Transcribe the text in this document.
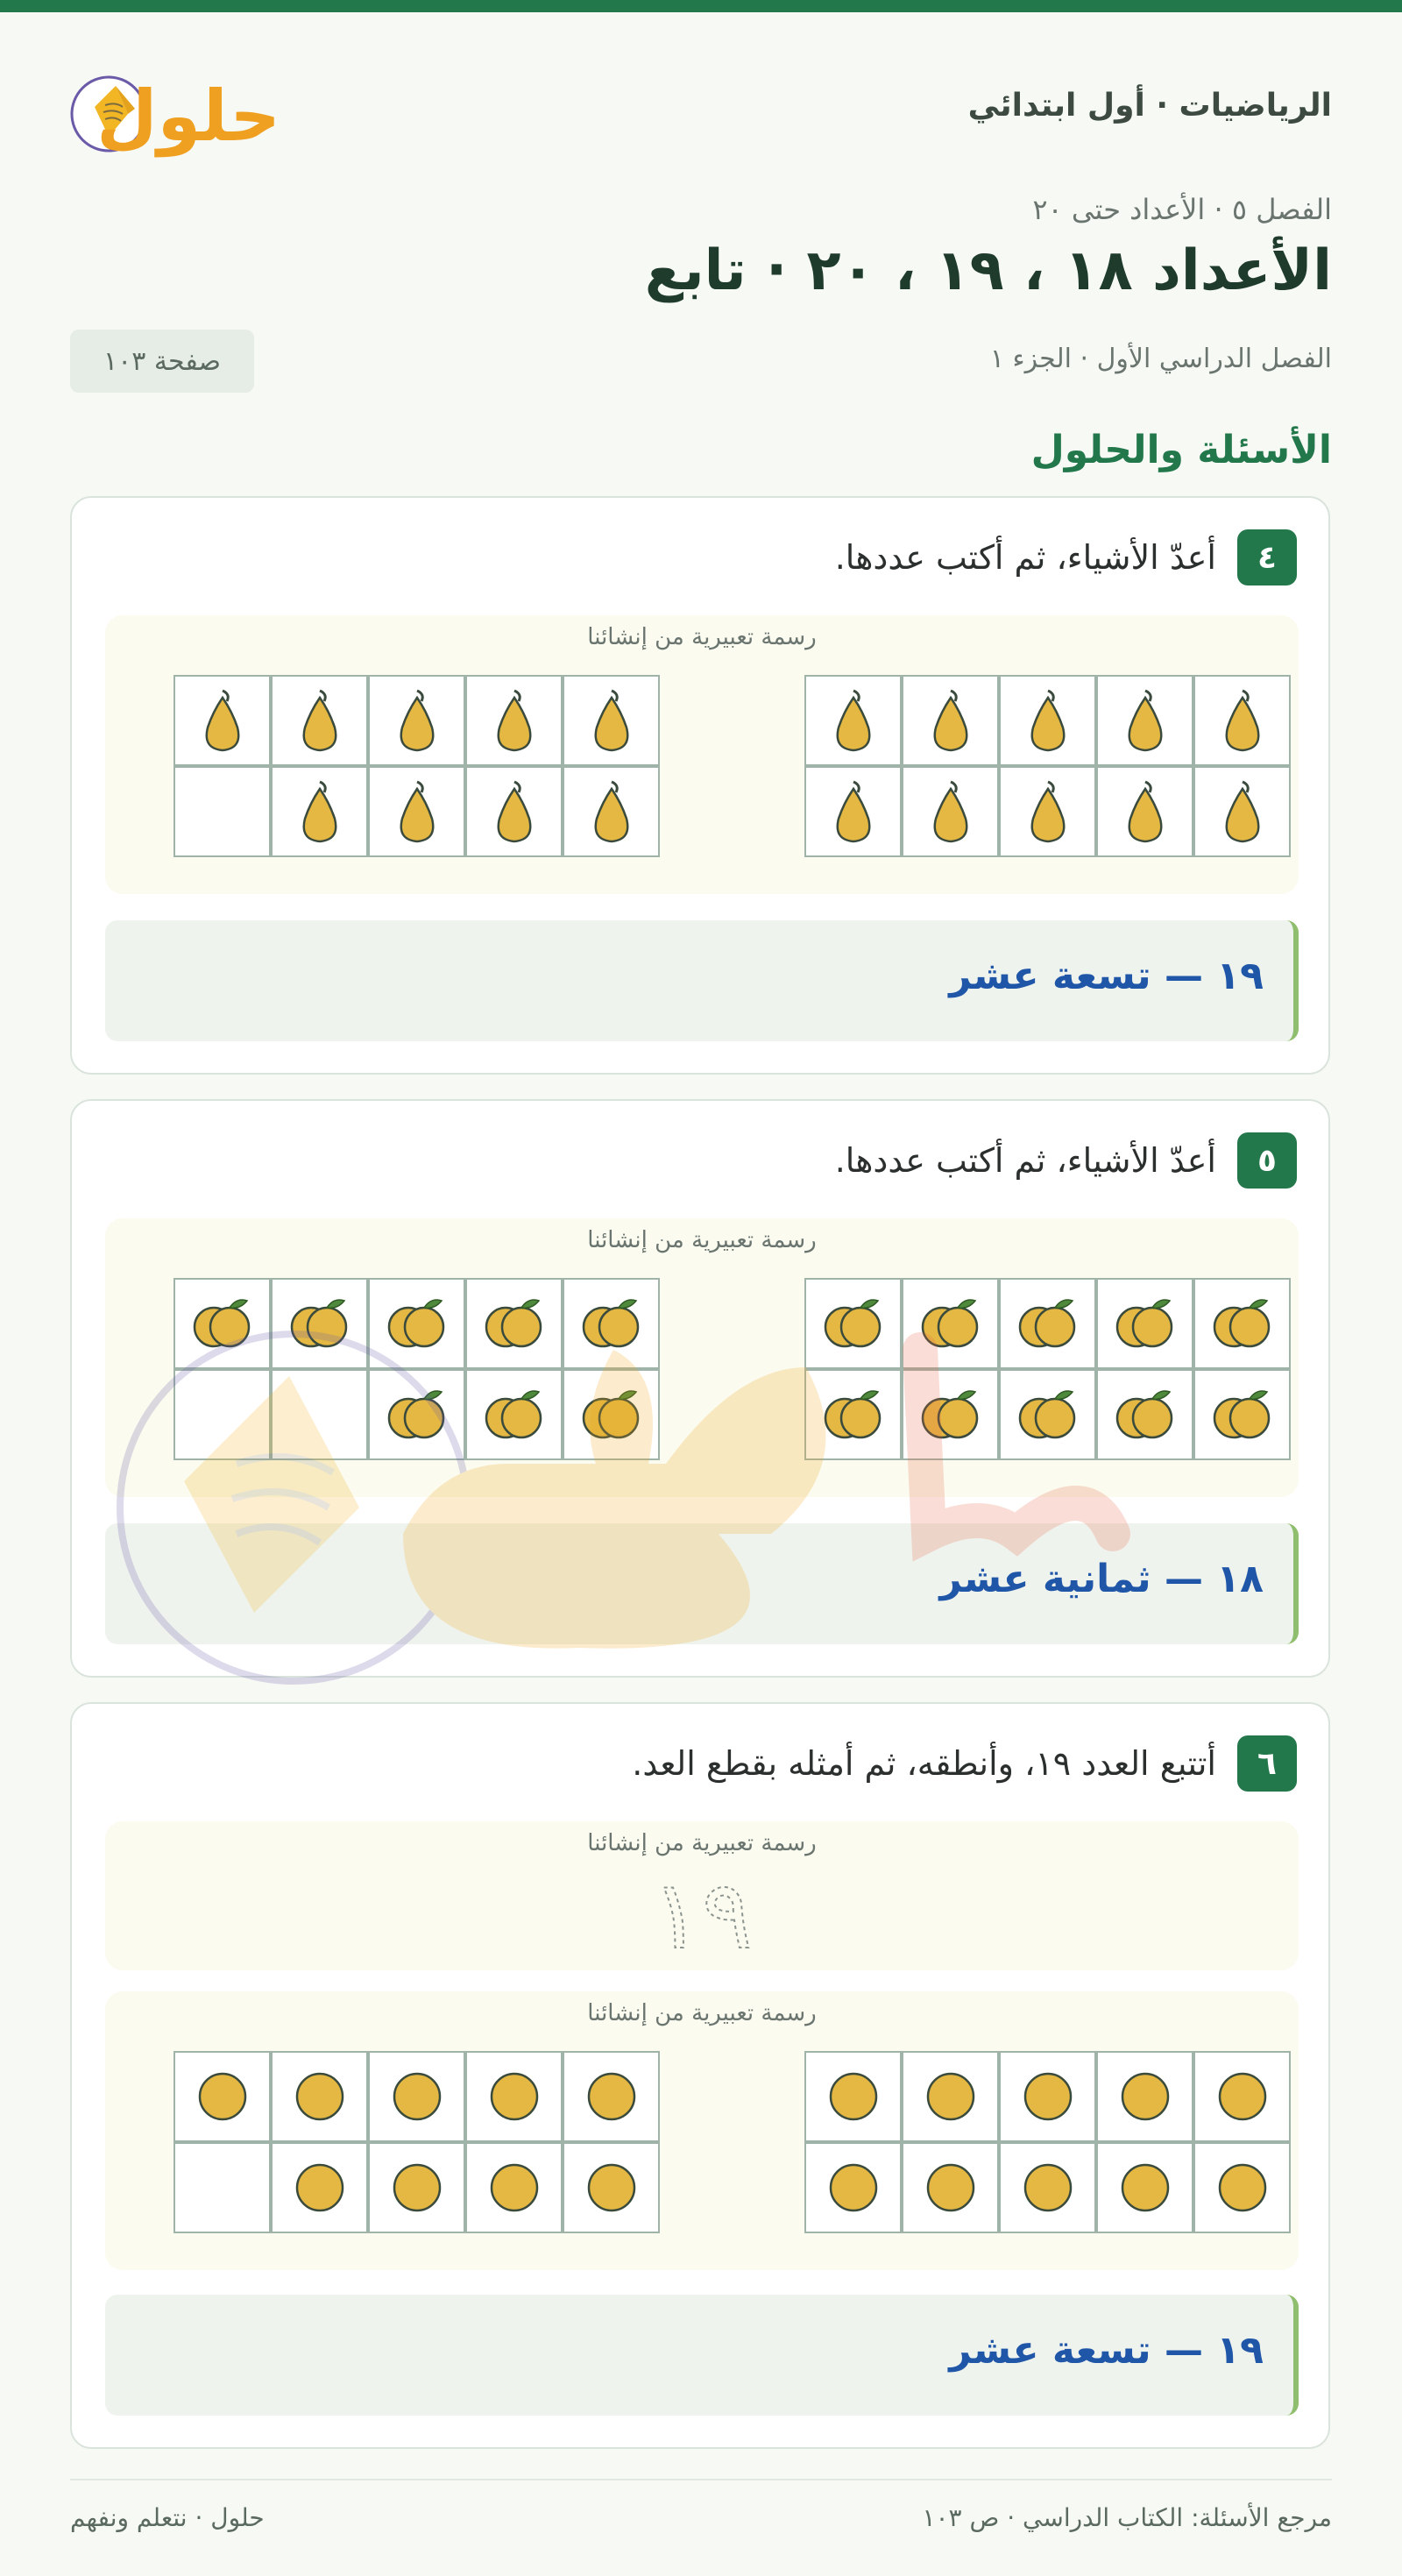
حلول	الرياضيات · أول ابتدائي
الفصل ٥ · الأعداد حتى ٢٠
الأعداد ١٨ ، ١٩ ، ٢٠ · تابع
الفصل الدراسي الأول · الجزء ١
صفحة ١٠٣
الأسئلة والحلول
٤
أعدّ الأشياء، ثم أكتب عددها.
رسمة تعبيرية من إنشائنا
١٩ — تسعة عشر
٥
أعدّ الأشياء، ثم أكتب عددها.
رسمة تعبيرية من إنشائنا
١٨ — ثمانية عشر
٦
أتتبع العدد ١٩، وأنطقه، ثم أمثله بقطع العد.
رسمة تعبيرية من إنشائنا
١٩
رسمة تعبيرية من إنشائنا
١٩ — تسعة عشر
مرجع الأسئلة: الكتاب الدراسي · ص ١٠٣
حلول · نتعلم ونفهم
